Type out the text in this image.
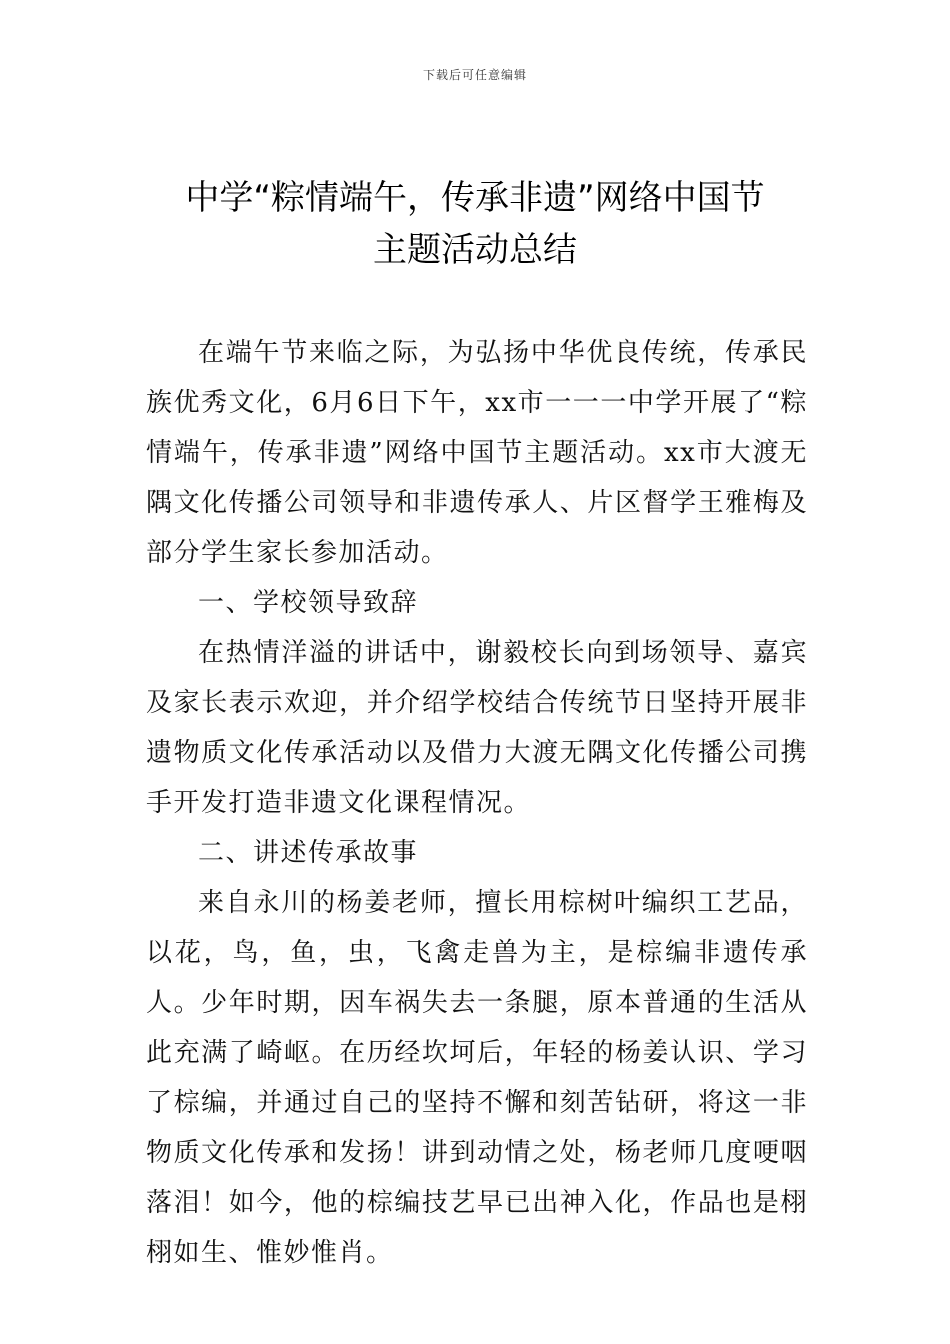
下载后可任意编辑
中学“粽情端午，传承非遗”网络中国节
主题活动总结

在端午节来临之际，为弘扬中华优良传统，传承民族优秀文化，6月6日下午，xx市一一一中学开展了“粽情端午，传承非遗”网络中国节主题活动。xx市大渡无隅文化传播公司领导和非遗传承人、片区督学王雅梅及部分学生家长参加活动。

一、学校领导致辞

在热情洋溢的讲话中，谢毅校长向到场领导、嘉宾及家长表示欢迎，并介绍学校结合传统节日坚持开展非遗物质文化传承活动以及借力大渡无隅文化传播公司携手开发打造非遗文化课程情况。

二、讲述传承故事

来自永川的杨姜老师，擅长用棕树叶编织工艺品，以花，鸟，鱼，虫，飞禽走兽为主，是棕编非遗传承人。少年时期，因车祸失去一条腿，原本普通的生活从此充满了崎岖。在历经坎坷后，年轻的杨姜认识、学习了棕编，并通过自己的坚持不懈和刻苦钻研，将这一非物质文化传承和发扬！讲到动情之处，杨老师几度哽咽落泪！如今，他的棕编技艺早已出神入化，作品也是栩栩如生、惟妙惟肖。
